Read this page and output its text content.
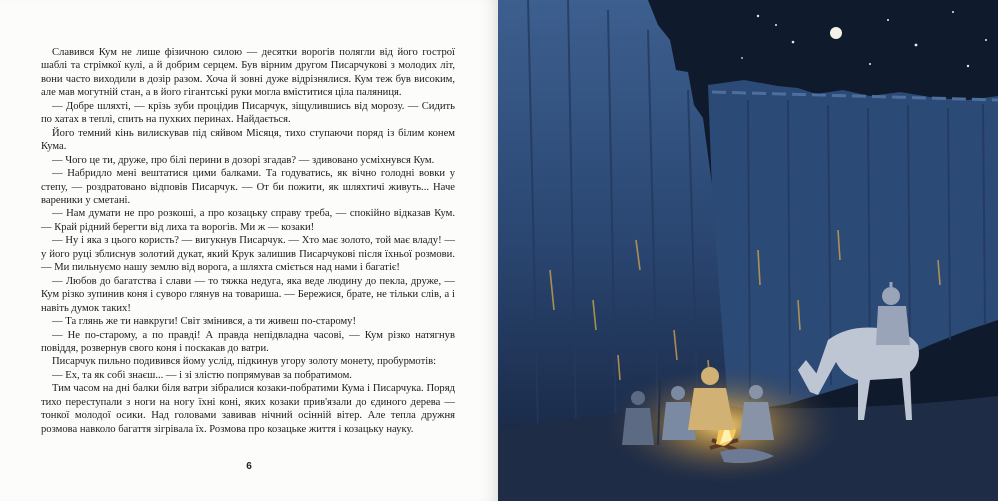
Славився Кум не лише фізичною силою — десятки ворогів полягли від його гострої шаблі та стрімкої кулі, а й добрим серцем. Був вірним другом Писарчукові з молодих літ, вони часто виходили в дозір разом. Хоча й зовні дуже відрізнялися. Кум теж був високим, але мав могутній стан, а в його гігантські руки могла вміститися ціла паляниця.

— Добре шляхті, — крізь зуби процідив Писарчук, зіщулившись від морозу. — Сидить по хатах в теплі, спить на пухких перинах. Найдається.

Його темний кінь вилискував під сяйвом Місяця, тихо ступаючи поряд із білим конем Кума.

— Чого це ти, друже, про білі перини в дозорі згадав? — здивовано усміхнувся Кум.

— Набридло мені вештатися цими балками. Та годуватись, як вічно голодні вовки у степу, — роздратовано відповів Писарчук. — От би пожити, як шляхтичі живуть... Наче вареники у сметані.

— Нам думати не про розкоші, а про козацьку справу треба, — спокійно відказав Кум. — Край рідний берегти від лиха та ворогів. Ми ж — козаки!

— Ну і яка з цього користь? — вигукнув Писарчук. — Хто має золото, той має владу! — у його руці зблиснув золотий дукат, який Крук залишив Писарчукові після їхньої розмови. — Ми пильнуємо нашу землю від ворога, а шляхта сміється над нами і багатіє!

— Любов до багатства і слави — то тяжка недуга, яка веде людину до пекла, друже, — Кум різко зупинив коня і суворо глянув на товариша. — Бережися, брате, не тільки слів, а і навіть думок таких!

— Та глянь же ти навкруги! Світ змінився, а ти живеш по-старому!

— Не по-старому, а по правді! А правда непідвладна часові, — Кум різко натягнув повіддя, розвернув свого коня і поскакав до ватри.

Писарчук пильно подивився йому услід, підкинув угору золоту монету, пробурмотів:

— Ех, та як собі знаєш... — і зі злістю попрямував за побратимом.

Тим часом на дні балки біля ватри зібралися козаки-побратими Кума і Писарчука. Поряд тихо переступали з ноги на ногу їхні коні, яких козаки прив'язали до єдиного дерева — тонкої молодої осики. Над головами завивав нічний осінній вітер. Але тепла дружня розмова навколо багаття зігрівала їх. Розмова про козацьке життя і козацьку науку.

6
